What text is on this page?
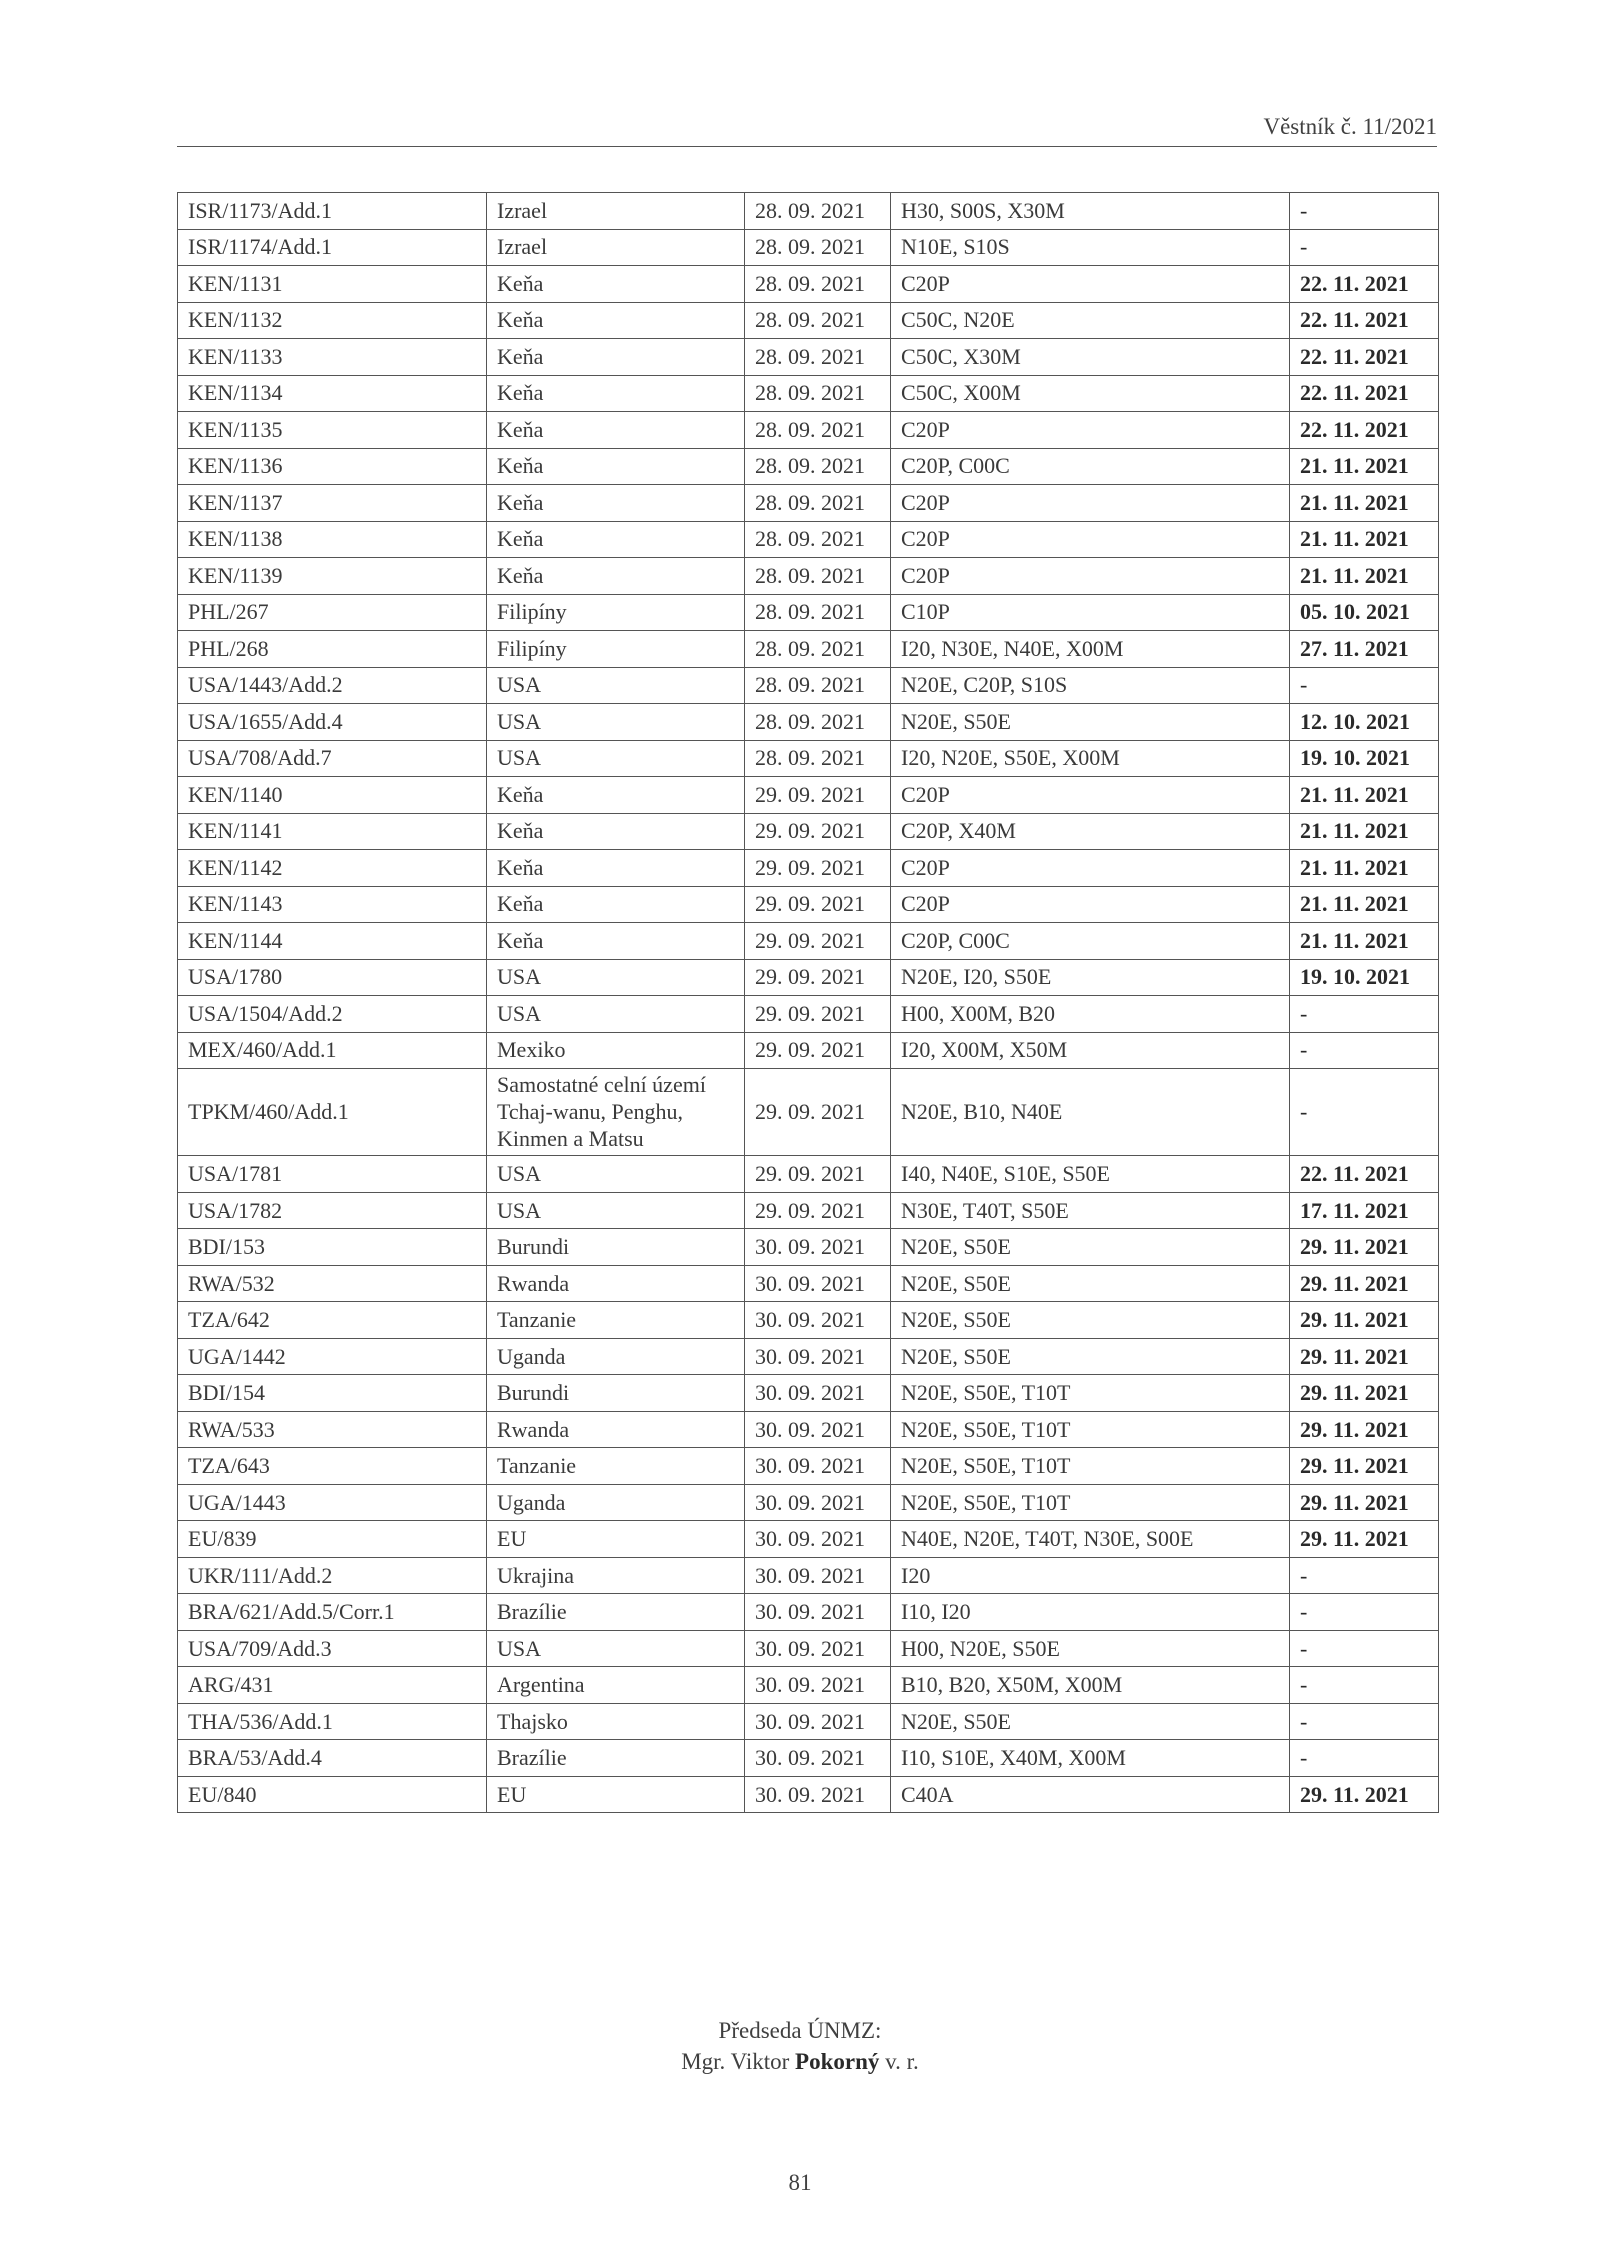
Věstník č. 11/2021
ISR/1173/Add.1	Izrael	28. 09. 2021	H30, S00S, X30M	-
ISR/1174/Add.1	Izrael	28. 09. 2021	N10E, S10S	-
KEN/1131	Keňa	28. 09. 2021	C20P	22. 11. 2021
KEN/1132	Keňa	28. 09. 2021	C50C, N20E	22. 11. 2021
KEN/1133	Keňa	28. 09. 2021	C50C, X30M	22. 11. 2021
KEN/1134	Keňa	28. 09. 2021	C50C, X00M	22. 11. 2021
KEN/1135	Keňa	28. 09. 2021	C20P	22. 11. 2021
KEN/1136	Keňa	28. 09. 2021	C20P, C00C	21. 11. 2021
KEN/1137	Keňa	28. 09. 2021	C20P	21. 11. 2021
KEN/1138	Keňa	28. 09. 2021	C20P	21. 11. 2021
KEN/1139	Keňa	28. 09. 2021	C20P	21. 11. 2021
PHL/267	Filipíny	28. 09. 2021	C10P	05. 10. 2021
PHL/268	Filipíny	28. 09. 2021	I20, N30E, N40E, X00M	27. 11. 2021
USA/1443/Add.2	USA	28. 09. 2021	N20E, C20P, S10S	-
USA/1655/Add.4	USA	28. 09. 2021	N20E, S50E	12. 10. 2021
USA/708/Add.7	USA	28. 09. 2021	I20, N20E, S50E, X00M	19. 10. 2021
KEN/1140	Keňa	29. 09. 2021	C20P	21. 11. 2021
KEN/1141	Keňa	29. 09. 2021	C20P, X40M	21. 11. 2021
KEN/1142	Keňa	29. 09. 2021	C20P	21. 11. 2021
KEN/1143	Keňa	29. 09. 2021	C20P	21. 11. 2021
KEN/1144	Keňa	29. 09. 2021	C20P, C00C	21. 11. 2021
USA/1780	USA	29. 09. 2021	N20E, I20, S50E	19. 10. 2021
USA/1504/Add.2	USA	29. 09. 2021	H00, X00M, B20	-
MEX/460/Add.1	Mexiko	29. 09. 2021	I20, X00M, X50M	-
TPKM/460/Add.1	Samostatné celní území Tchaj-wanu, Penghu, Kinmen a Matsu	29. 09. 2021	N20E, B10, N40E	-
USA/1781	USA	29. 09. 2021	I40, N40E, S10E, S50E	22. 11. 2021
USA/1782	USA	29. 09. 2021	N30E, T40T, S50E	17. 11. 2021
BDI/153	Burundi	30. 09. 2021	N20E, S50E	29. 11. 2021
RWA/532	Rwanda	30. 09. 2021	N20E, S50E	29. 11. 2021
TZA/642	Tanzanie	30. 09. 2021	N20E, S50E	29. 11. 2021
UGA/1442	Uganda	30. 09. 2021	N20E, S50E	29. 11. 2021
BDI/154	Burundi	30. 09. 2021	N20E, S50E, T10T	29. 11. 2021
RWA/533	Rwanda	30. 09. 2021	N20E, S50E, T10T	29. 11. 2021
TZA/643	Tanzanie	30. 09. 2021	N20E, S50E, T10T	29. 11. 2021
UGA/1443	Uganda	30. 09. 2021	N20E, S50E, T10T	29. 11. 2021
EU/839	EU	30. 09. 2021	N40E, N20E, T40T, N30E, S00E	29. 11. 2021
UKR/111/Add.2	Ukrajina	30. 09. 2021	I20	-
BRA/621/Add.5/Corr.1	Brazílie	30. 09. 2021	I10, I20	-
USA/709/Add.3	USA	30. 09. 2021	H00, N20E, S50E	-
ARG/431	Argentina	30. 09. 2021	B10, B20, X50M, X00M	-
THA/536/Add.1	Thajsko	30. 09. 2021	N20E, S50E	-
BRA/53/Add.4	Brazílie	30. 09. 2021	I10, S10E, X40M, X00M	-
EU/840	EU	30. 09. 2021	C40A	29. 11. 2021
Předseda ÚNMZ:
Mgr. Viktor Pokorný v. r.
81
